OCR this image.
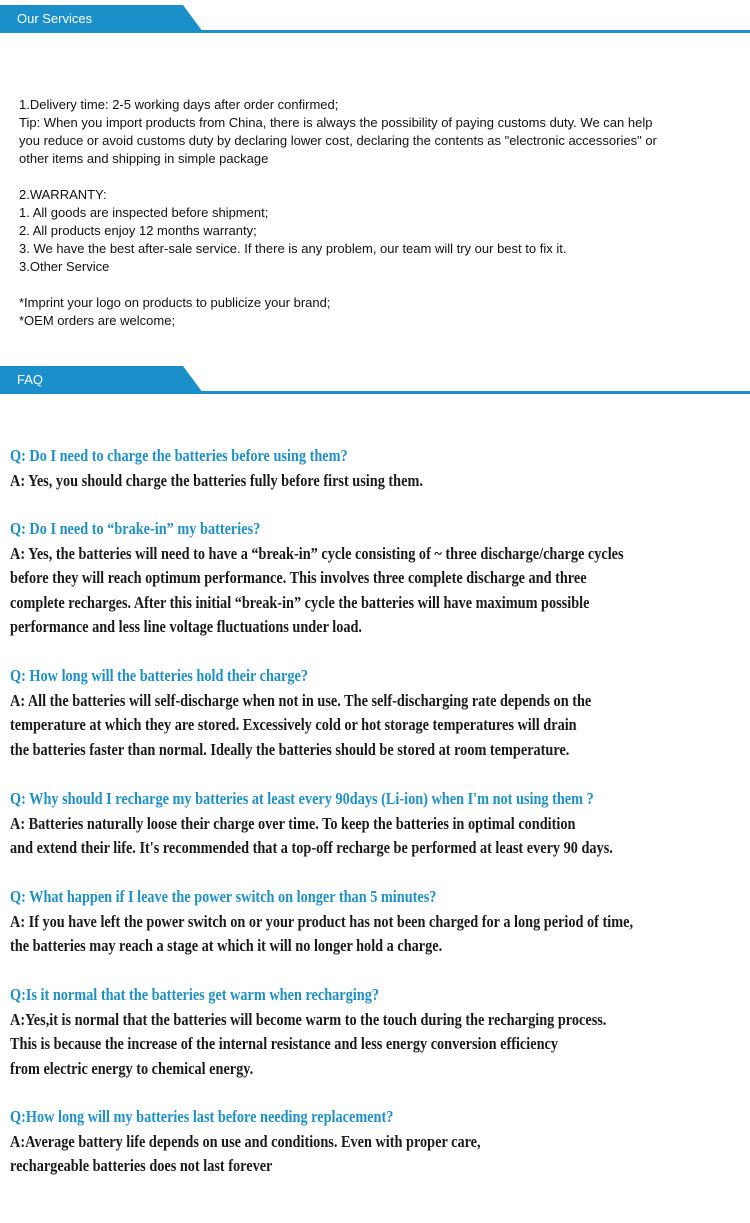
Our Services
1.Delivery time: 2-5 working days after order confirmed;
Tip: When you import products from China, there is always the possibility of paying customs duty. We can help
you reduce or avoid customs duty by declaring lower cost, declaring the contents as "electronic accessories" or
other items and shipping in simple package
2.WARRANTY:
1. All goods are inspected before shipment;
2. All products enjoy 12 months warranty;
3. We have the best after-sale service. If there is any problem, our team will try our best to fix it.
3.Other Service
*Imprint your logo on products to publicize your brand;
*OEM orders are welcome;
FAQ
Q: Do I need to charge the batteries before using them?
A: Yes, you should charge the batteries fully before first using them.
Q: Do I need to “brake-in” my batteries?
A: Yes, the batteries will need to have a “break-in” cycle consisting of ~ three discharge/charge cycles
before they will reach optimum performance. This involves three complete discharge and three
complete recharges. After this initial “break-in” cycle the batteries will have maximum possible
performance and less line voltage fluctuations under load.
Q: How long will the batteries hold their charge?
A: All the batteries will self-discharge when not in use. The self-discharging rate depends on the
temperature at which they are stored. Excessively cold or hot storage temperatures will drain
the batteries faster than normal. Ideally the batteries should be stored at room temperature.
Q: Why should I recharge my batteries at least every 90days (Li-ion) when I'm not using them ?
A: Batteries naturally loose their charge over time. To keep the batteries in optimal condition
and extend their life. It's recommended that a top-off recharge be performed at least every 90 days.
Q: What happen if I leave the power switch on longer than 5 minutes?
A: If you have left the power switch on or your product has not been charged for a long period of time,
the batteries may reach a stage at which it will no longer hold a charge.
Q:Is it normal that the batteries get warm when recharging?
A:Yes,it is normal that the batteries will become warm to the touch during the recharging process.
This is because the increase of the internal resistance and less energy conversion efficiency
from electric energy to chemical energy.
Q:How long will my batteries last before needing replacement?
A:Average battery life depends on use and conditions. Even with proper care,
rechargeable batteries does not last forever
